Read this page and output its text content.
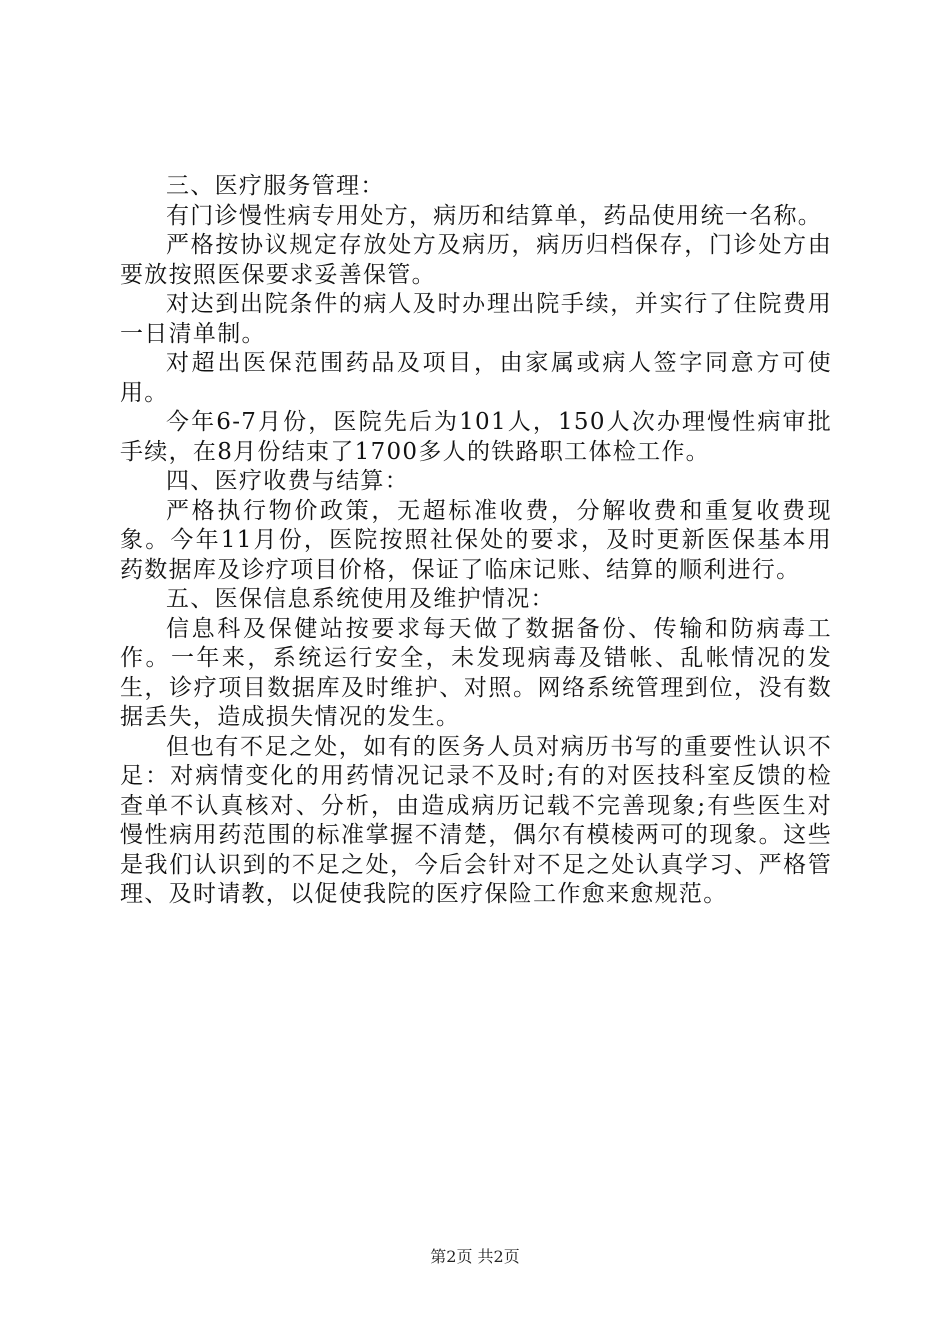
三、医疗服务管理：

有门诊慢性病专用处方，病历和结算单，药品使用统一名称。

严格按协议规定存放处方及病历，病历归档保存，门诊处方由要放按照医保要求妥善保管。

对达到出院条件的病人及时办理出院手续，并实行了住院费用一日清单制。

对超出医保范围药品及项目，由家属或病人签字同意方可使用。

今年6-7月份，医院先后为101人，150人次办理慢性病审批手续，在8月份结束了1700多人的铁路职工体检工作。

四、医疗收费与结算：

严格执行物价政策，无超标准收费，分解收费和重复收费现象。今年11月份，医院按照社保处的要求，及时更新医保基本用药数据库及诊疗项目价格，保证了临床记账、结算的顺利进行。

五、医保信息系统使用及维护情况：

信息科及保健站按要求每天做了数据备份、传输和防病毒工作。一年来，系统运行安全，未发现病毒及错帐、乱帐情况的发生，诊疗项目数据库及时维护、对照。网络系统管理到位，没有数据丢失，造成损失情况的发生。

但也有不足之处，如有的医务人员对病历书写的重要性认识不足：对病情变化的用药情况记录不及时;有的对医技科室反馈的检查单不认真核对、分析，由造成病历记载不完善现象;有些医生对慢性病用药范围的标准掌握不清楚，偶尔有模棱两可的现象。这些是我们认识到的不足之处，今后会针对不足之处认真学习、严格管理、及时请教，以促使我院的医疗保险工作愈来愈规范。

第2页 共2页
